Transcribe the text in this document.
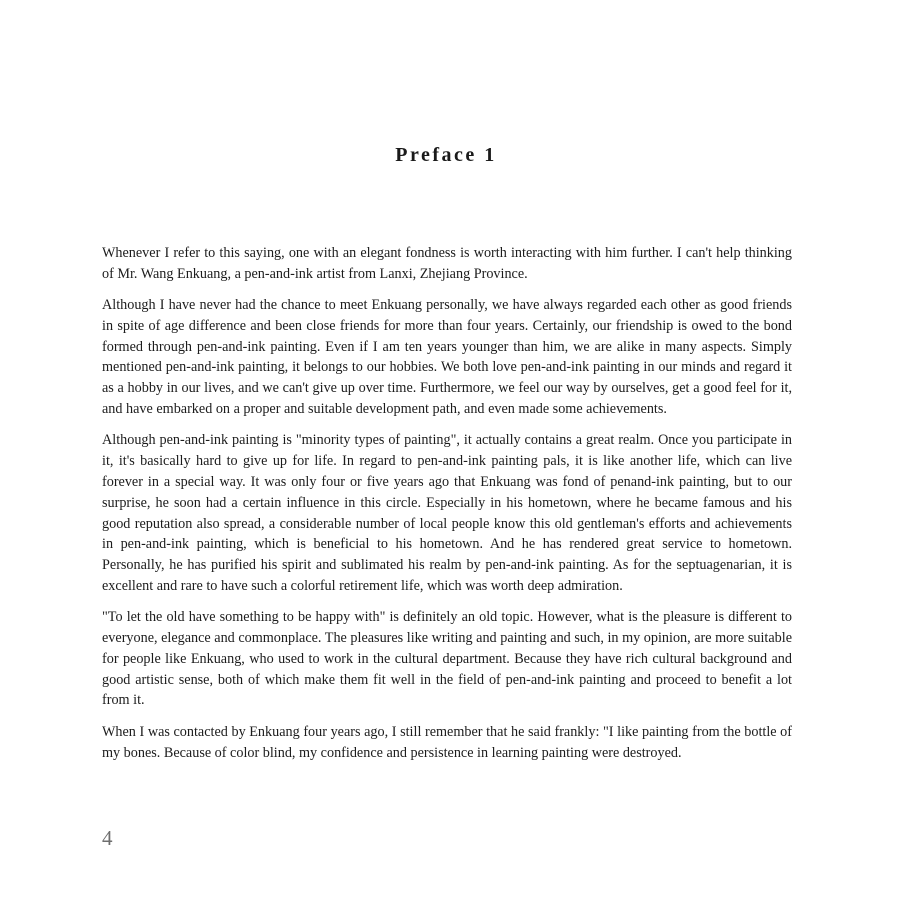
Preface 1

Whenever I refer to this saying, one with an elegant fondness is worth interacting with him further. I can't help thinking of Mr. Wang Enkuang, a pen-and-ink artist from Lanxi, Zhejiang Province.

Although I have never had the chance to meet Enkuang personally, we have always regarded each other as good friends in spite of age difference and been close friends for more than four years. Certainly, our friendship is owed to the bond formed through pen-and-ink painting. Even if I am ten years younger than him, we are alike in many aspects. Simply mentioned pen-and-ink painting, it belongs to our hobbies. We both love pen-and-ink painting in our minds and regard it as a hobby in our lives, and we can't give up over time. Furthermore, we feel our way by ourselves, get a good feel for it, and have embarked on a proper and suitable development path, and even made some achievements.

Although pen-and-ink painting is "minority types of painting", it actually contains a great realm. Once you participate in it, it's basically hard to give up for life. In regard to pen-and-ink painting pals, it is like another life, which can live forever in a special way. It was only four or five years ago that Enkuang was fond of penand-ink painting, but to our surprise, he soon had a certain influence in this circle. Especially in his hometown, where he became famous and his good reputation also spread, a considerable number of local people know this old gentleman's efforts and achievements in pen-and-ink painting, which is beneficial to his hometown. And he has rendered great service to hometown. Personally, he has purified his spirit and sublimated his realm by pen-and-ink painting. As for the septuagenarian, it is excellent and rare to have such a colorful retirement life, which was worth deep admiration.

"To let the old have something to be happy with" is definitely an old topic. However, what is the pleasure is different to everyone, elegance and commonplace. The pleasures like writing and painting and such, in my opinion, are more suitable for people like Enkuang, who used to work in the cultural department. Because they have rich cultural background and good artistic sense, both of which make them fit well in the field of pen-and-ink painting and proceed to benefit a lot from it.

When I was contacted by Enkuang four years ago, I still remember that he said frankly: "I like painting from the bottle of my bones. Because of color blind, my confidence and persistence in learning painting were destroyed.

4
